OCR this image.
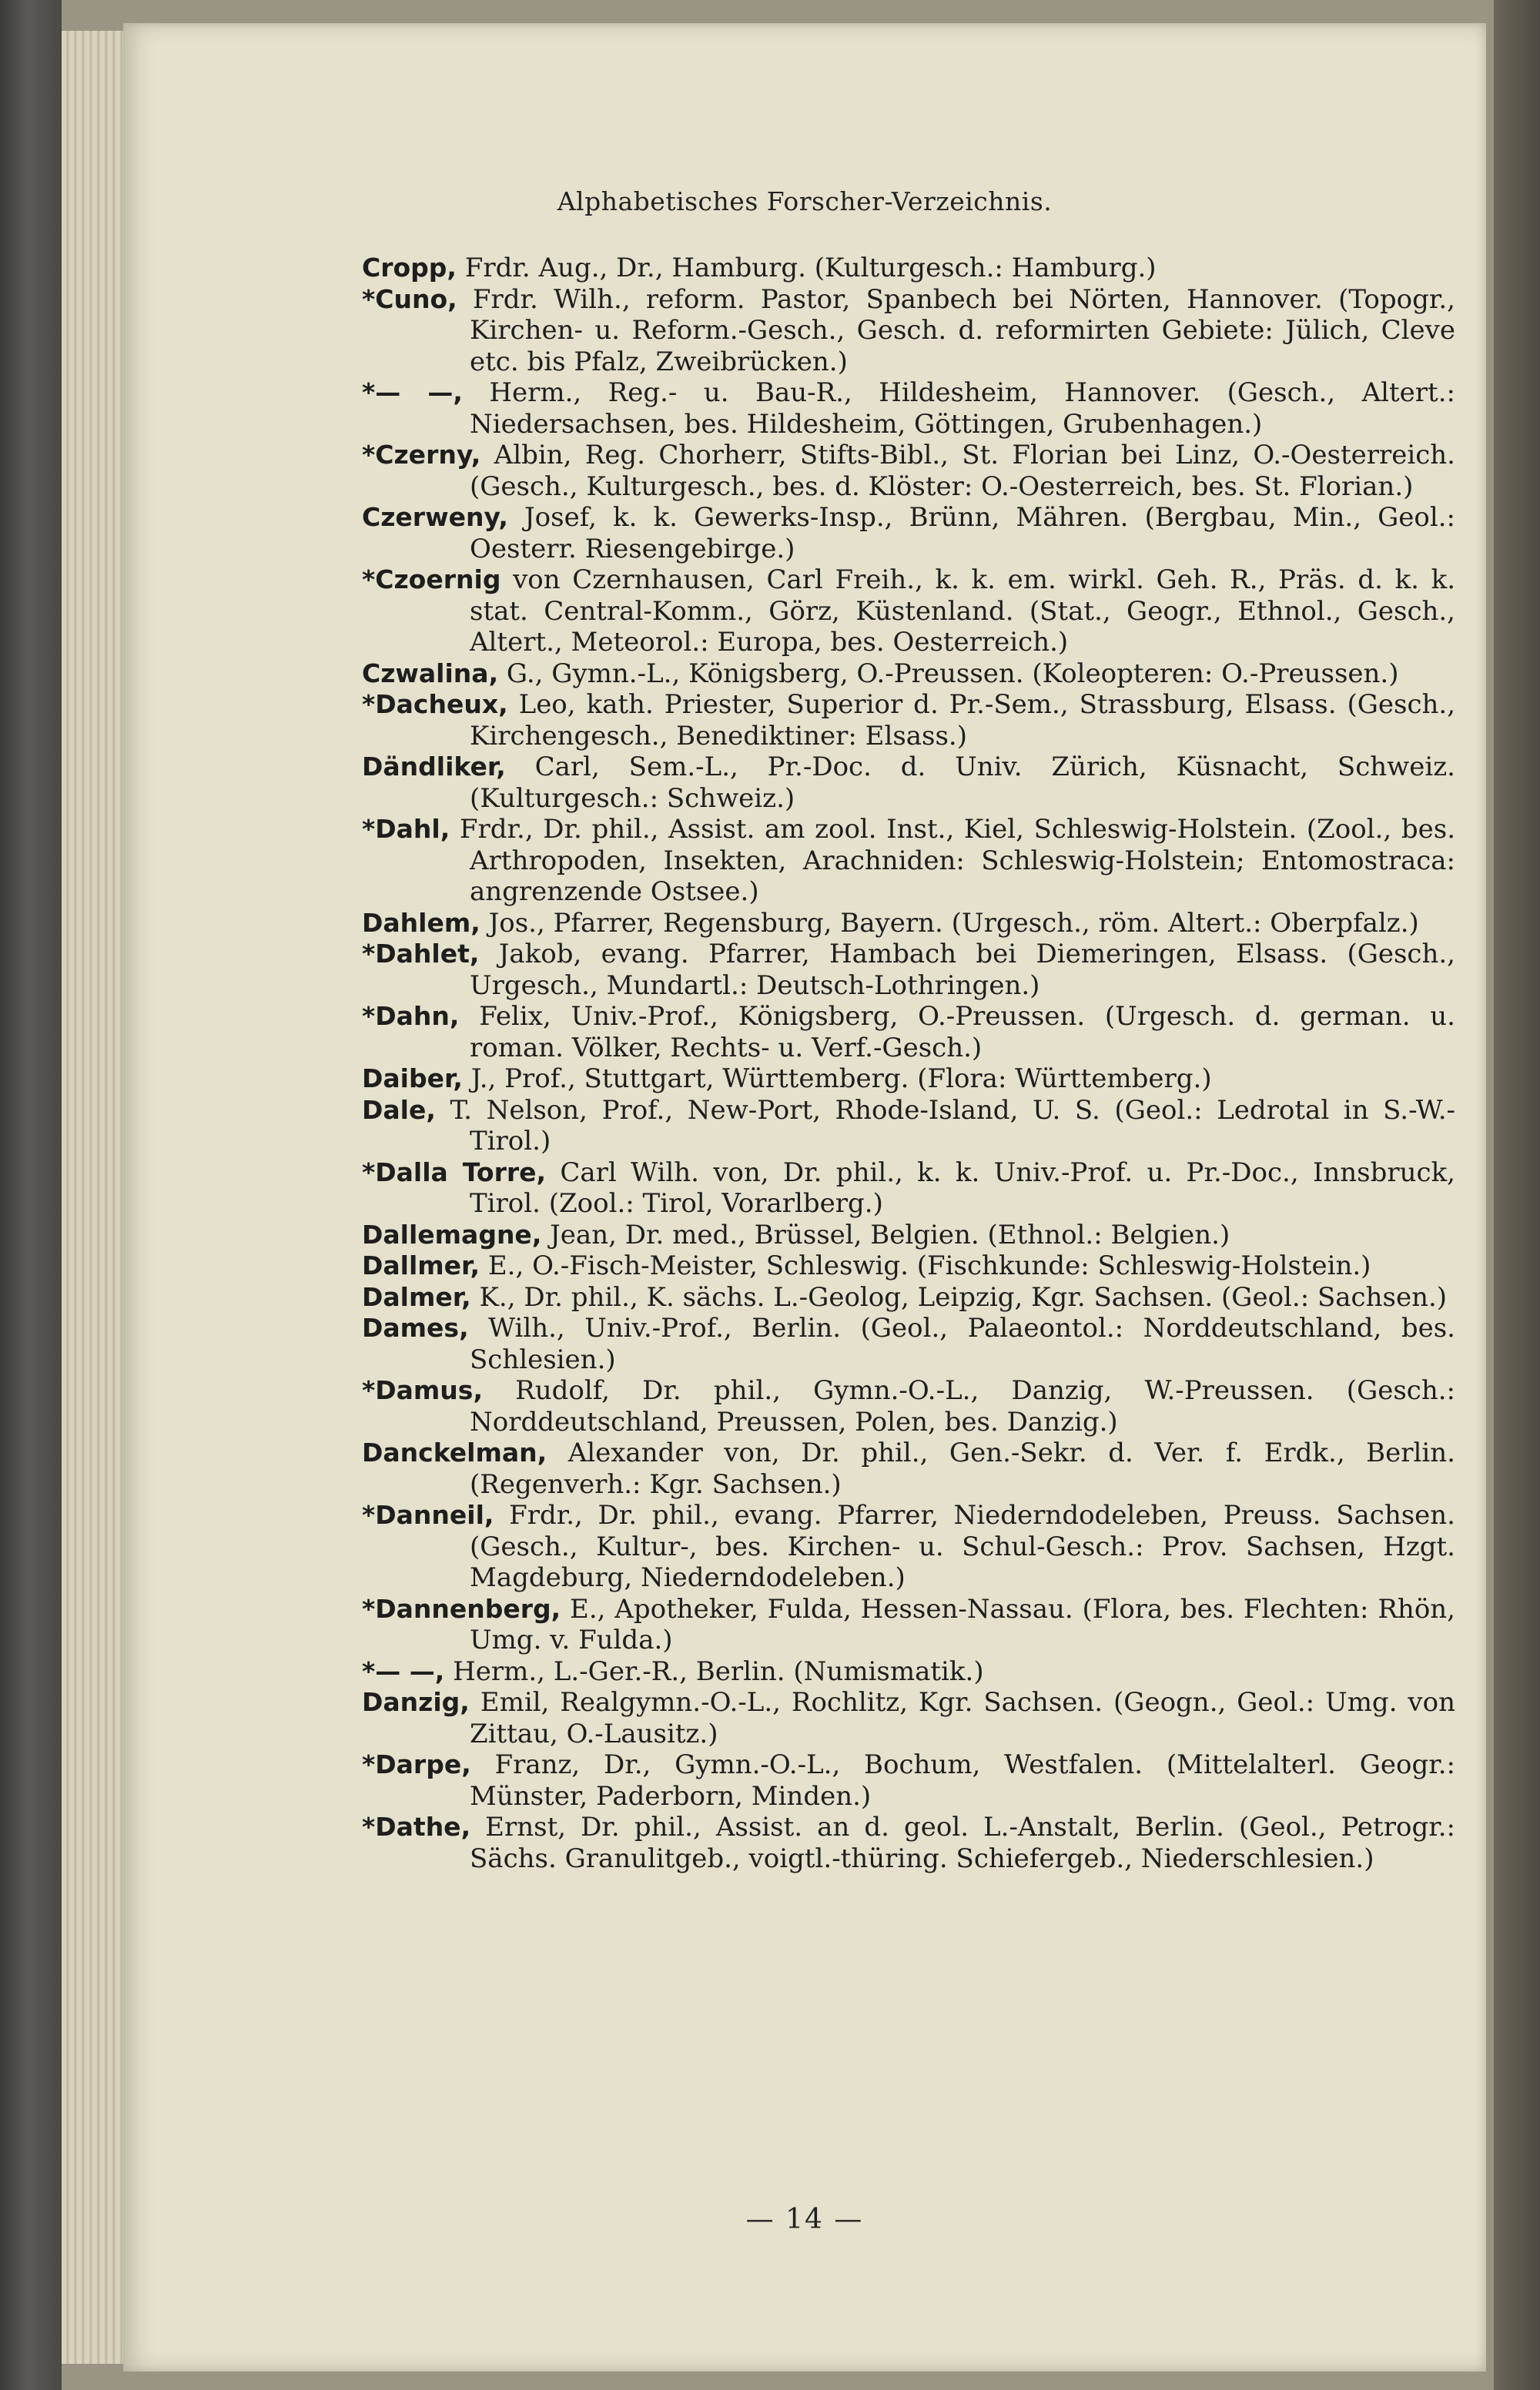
Alphabetisches Forscher-Verzeichnis.

Cropp, Frdr. Aug., Dr., Hamburg. (Kulturgesch.: Hamburg.)

*Cuno, Frdr. Wilh., reform. Pastor, Spanbech bei Nörten, Hannover. (Topogr., Kirchen- u. Reform.-Gesch., Gesch. d. reformirten Gebiete: Jülich, Cleve etc. bis Pfalz, Zweibrücken.)

*— —, Herm., Reg.- u. Bau-R., Hildesheim, Hannover. (Gesch., Altert.: Niedersachsen, bes. Hildesheim, Göttingen, Grubenhagen.)

*Czerny, Albin, Reg. Chorherr, Stifts-Bibl., St. Florian bei Linz, O.-Oesterreich. (Gesch., Kulturgesch., bes. d. Klöster: O.-Oesterreich, bes. St. Florian.)

Czerweny, Josef, k. k. Gewerks-Insp., Brünn, Mähren. (Bergbau, Min., Geol.: Oesterr. Riesengebirge.)

*Czoernig von Czernhausen, Carl Freih., k. k. em. wirkl. Geh. R., Präs. d. k. k. stat. Central-Komm., Görz, Küstenland. (Stat., Geogr., Ethnol., Gesch., Altert., Meteorol.: Europa, bes. Oesterreich.)

Czwalina, G., Gymn.-L., Königsberg, O.-Preussen. (Koleopteren: O.-Preussen.)

*Dacheux, Leo, kath. Priester, Superior d. Pr.-Sem., Strassburg, Elsass. (Gesch., Kirchengesch., Benediktiner: Elsass.)

Dändliker, Carl, Sem.-L., Pr.-Doc. d. Univ. Zürich, Küsnacht, Schweiz. (Kulturgesch.: Schweiz.)

*Dahl, Frdr., Dr. phil., Assist. am zool. Inst., Kiel, Schleswig-Holstein. (Zool., bes. Arthropoden, Insekten, Arachniden: Schleswig-Holstein; Entomostraca: angrenzende Ostsee.)

Dahlem, Jos., Pfarrer, Regensburg, Bayern. (Urgesch., röm. Altert.: Oberpfalz.)

*Dahlet, Jakob, evang. Pfarrer, Hambach bei Diemeringen, Elsass. (Gesch., Urgesch., Mundartl.: Deutsch-Lothringen.)

*Dahn, Felix, Univ.-Prof., Königsberg, O.-Preussen. (Urgesch. d. german. u. roman. Völker, Rechts- u. Verf.-Gesch.)

Daiber, J., Prof., Stuttgart, Württemberg. (Flora: Württemberg.)

Dale, T. Nelson, Prof., New-Port, Rhode-Island, U. S. (Geol.: Ledrotal in S.-W.-Tirol.)

*Dalla Torre, Carl Wilh. von, Dr. phil., k. k. Univ.-Prof. u. Pr.-Doc., Innsbruck, Tirol. (Zool.: Tirol, Vorarlberg.)

Dallemagne, Jean, Dr. med., Brüssel, Belgien. (Ethnol.: Belgien.)

Dallmer, E., O.-Fisch-Meister, Schleswig. (Fischkunde: Schleswig-Holstein.)

Dalmer, K., Dr. phil., K. sächs. L.-Geolog, Leipzig, Kgr. Sachsen. (Geol.: Sachsen.)

Dames, Wilh., Univ.-Prof., Berlin. (Geol., Palaeontol.: Norddeutschland, bes. Schlesien.)

*Damus, Rudolf, Dr. phil., Gymn.-O.-L., Danzig, W.-Preussen. (Gesch.: Norddeutschland, Preussen, Polen, bes. Danzig.)

Danckelman, Alexander von, Dr. phil., Gen.-Sekr. d. Ver. f. Erdk., Berlin. (Regenverh.: Kgr. Sachsen.)

*Danneil, Frdr., Dr. phil., evang. Pfarrer, Niederndodeleben, Preuss. Sachsen. (Gesch., Kultur-, bes. Kirchen- u. Schul-Gesch.: Prov. Sachsen, Hzgt. Magdeburg, Niederndodeleben.)

*Dannenberg, E., Apotheker, Fulda, Hessen-Nassau. (Flora, bes. Flechten: Rhön, Umg. v. Fulda.)

*— —, Herm., L.-Ger.-R., Berlin. (Numismatik.)

Danzig, Emil, Realgymn.-O.-L., Rochlitz, Kgr. Sachsen. (Geogn., Geol.: Umg. von Zittau, O.-Lausitz.)

*Darpe, Franz, Dr., Gymn.-O.-L., Bochum, Westfalen. (Mittelalterl. Geogr.: Münster, Paderborn, Minden.)

*Dathe, Ernst, Dr. phil., Assist. an d. geol. L.-Anstalt, Berlin. (Geol., Petrogr.: Sächs. Granulitgeb., voigtl.-thüring. Schiefergeb., Niederschlesien.)

— 14 —
